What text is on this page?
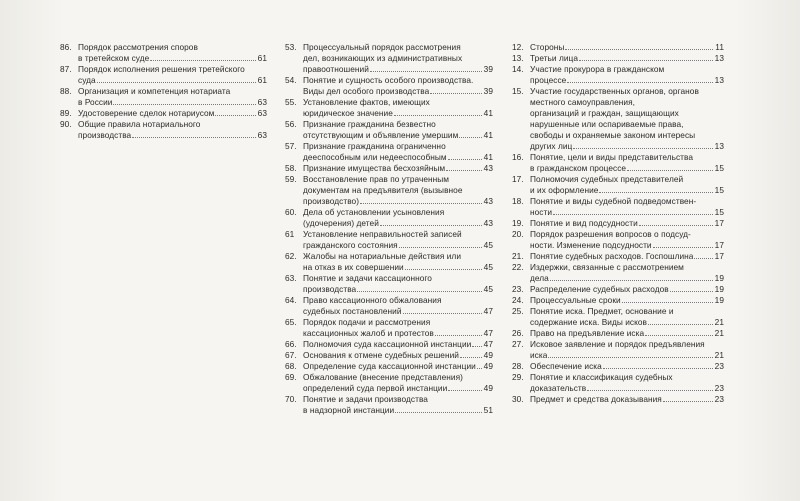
86. Порядок рассмотрения споров
в третейском суде	61
87. Порядок исполнения решения третейского
суда	61
88. Организация и компетенция нотариата
в России	63
89. Удостоверение сделок нотариусом	63
90. Общие правила нотариального
производства	63
53. Процессуальный порядок рассмотрения
дел, возникающих из административных
правоотношений	39
54. Понятие и сущность особого производства.
Виды дел особого производства	39
55. Установление фактов, имеющих
юридическое значение	41
56. Признание гражданина безвестно
отсутствующим и объявление умершим	41
57. Признание гражданина ограниченно
дееспособным или недееспособным	41
58. Признание имущества бесхозяйным	43
59. Восстановление прав по утраченным
документам на предъявителя (вызывное
производство)	43
60. Дела об установлении усыновления
(удочерения) детей	43
61 Установление неправильностей записей
гражданского состояния	45
62. Жалобы на нотариальные действия или
на отказ в их совершении	45
63. Понятие и задачи кассационного
производства	45
64. Право кассационного обжалования
судебных постановлений	47
65. Порядок подачи и рассмотрения
кассационных жалоб и протестов	47
66. Полномочия суда кассационной инстанции 47
67. Основания к отмене судебных решений	49
68. Определение суда кассационной инстанции 49
69. Обжалование (внесение представления)
определений суда первой инстанции	49
70. Понятие и задачи производства
в надзорной инстанции	51
12. Стороны	11
13. Третьи лица	13
14. Участие прокурора в гражданском
процессе	13
15. Участие государственных органов, органов
местного самоуправления,
организаций и граждан, защищающих
нарушенные или оспариваемые права,
свободы и охраняемые законом интересы
других лиц	13
16. Понятие, цели и виды представительства
в гражданском процессе	15
17. Полномочия судебных представителей
и их оформление	15
18. Понятие и виды судебной подведомствен-
ности	15
19. Понятие и вид подсудности	17
20. Порядок разрешения вопросов о подсуд-
ности. Изменение подсудности	17
21. Понятие судебных расходов. Госпошлина	17
22. Издержки, связанные с рассмотрением
дела	19
23. Распределение судебных расходов	19
24. Процессуальные сроки	19
25. Понятие иска. Предмет, основание и
содержание иска. Виды исков	21
26. Право на предъявление иска	21
27. Исковое заявление и порядок предъявления
иска	21
28. Обеспечение иска	23
29. Понятие и классификация судебных
доказательств	23
30. Предмет и средства доказывания	23
